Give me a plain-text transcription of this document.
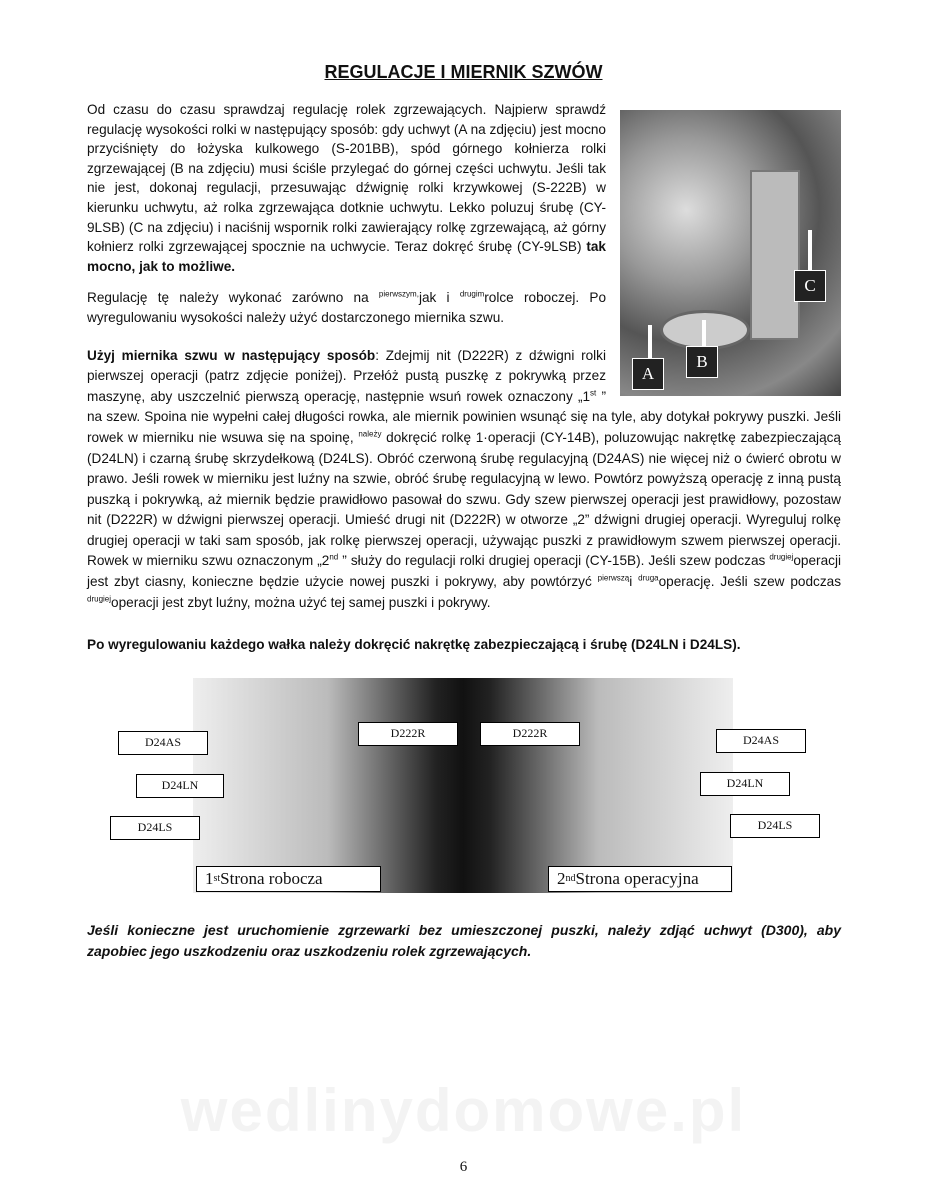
REGULACJE I MIERNIK SZWÓW
A
B
C
Od czasu do czasu sprawdzaj regulację rolek zgrzewających. Najpierw sprawdź regulację wysokości rolki w następujący sposób: gdy uchwyt (A na zdjęciu) jest mocno przyciśnięty do łożyska kulkowego (S-201BB), spód górnego kołnierza rolki zgrzewającej (B na zdjęciu) musi ściśle przylegać do górnej części uchwytu. Jeśli tak nie jest, dokonaj regulacji, przesuwając dźwignię rolki krzywkowej (S-222B) w kierunku uchwytu, aż rolka zgrzewająca dotknie uchwytu. Lekko poluzuj śrubę (CY-9LSB) (C na zdjęciu) i naciśnij wspornik rolki zawierający rolkę zgrzewającą, aż górny kołnierz rolki zgrzewającej spocznie na uchwycie. Teraz dokręć śrubę (CY-9LSB) tak mocno, jak to możliwe.
Regulację tę należy wykonać zarówno na $^{pierwszym,}$jak i $^{drugim}$rolce roboczej. Po wyregulowaniu wysokości należy użyć dostarczonego miernika szwu.
Użyj miernika szwu w następujący sposób: Zdejmij nit (D222R) z dźwigni rolki pierwszej operacji (patrz zdjęcie poniżej). Przełóż pustą puszkę z pokrywką przez maszynę, aby uszczelnić pierwszą operację, następnie wsuń rowek oznaczony „1st ” na szew. Spoina nie wypełni całej długości rowka, ale miernik powinien wsunąć się na tyle, aby dotykał pokrywy puszki. Jeśli rowek w mierniku nie wsuwa się na spoinę, $^{należy}$ dokręcić rolkę 1·operacji (CY-14B), poluzowując nakrętkę zabezpieczającą (D24LN) i czarną śrubę skrzydełkową (D24LS). Obróć czerwoną śrubę regulacyjną (D24AS) nie więcej niż o ćwierć obrotu w prawo. Jeśli rowek w mierniku jest luźny na szwie, obróć śrubę regulacyjną w lewo. Powtórz powyższą operację z inną pustą puszką i pokrywką, aż miernik będzie prawidłowo pasował do szwu. Gdy szew pierwszej operacji jest prawidłowy, pozostaw nit (D222R) w dźwigni pierwszej operacji. Umieść drugi nit (D222R) w otworze „2” dźwigni drugiej operacji. Wyreguluj rolkę drugiej operacji w taki sam sposób, jak rolkę pierwszej operacji, używając puszki z prawidłowym szwem pierwszej operacji. Rowek w mierniku szwu oznaczonym „2nd ” służy do regulacji rolki drugiej operacji (CY-15B). Jeśli szew podczas $^{drugiej}$operacji jest zbyt ciasny, konieczne będzie użycie nowej puszki i pokrywy, aby powtórzyć $^{pierwszą}$i $^{druga}$operację. Jeśli szew podczas $^{drugiej}$operacji jest zbyt luźny, można użyć tej samej puszki i pokrywy.
Po wyregulowaniu każdego wałka należy dokręcić nakrętkę zabezpieczającą i śrubę (D24LN i D24LS).
D24AS
D24LN
D24LS
D222R	D222R	D24AS
D24LN
D24LS
1 st Strona robocza	2 nd Strona operacyjna
Jeśli konieczne jest uruchomienie zgrzewarki bez umieszczonej puszki, należy zdjąć uchwyt (D300), aby zapobiec jego uszkodzeniu oraz uszkodzeniu rolek zgrzewających.
wedlinydomowe.pl
6
